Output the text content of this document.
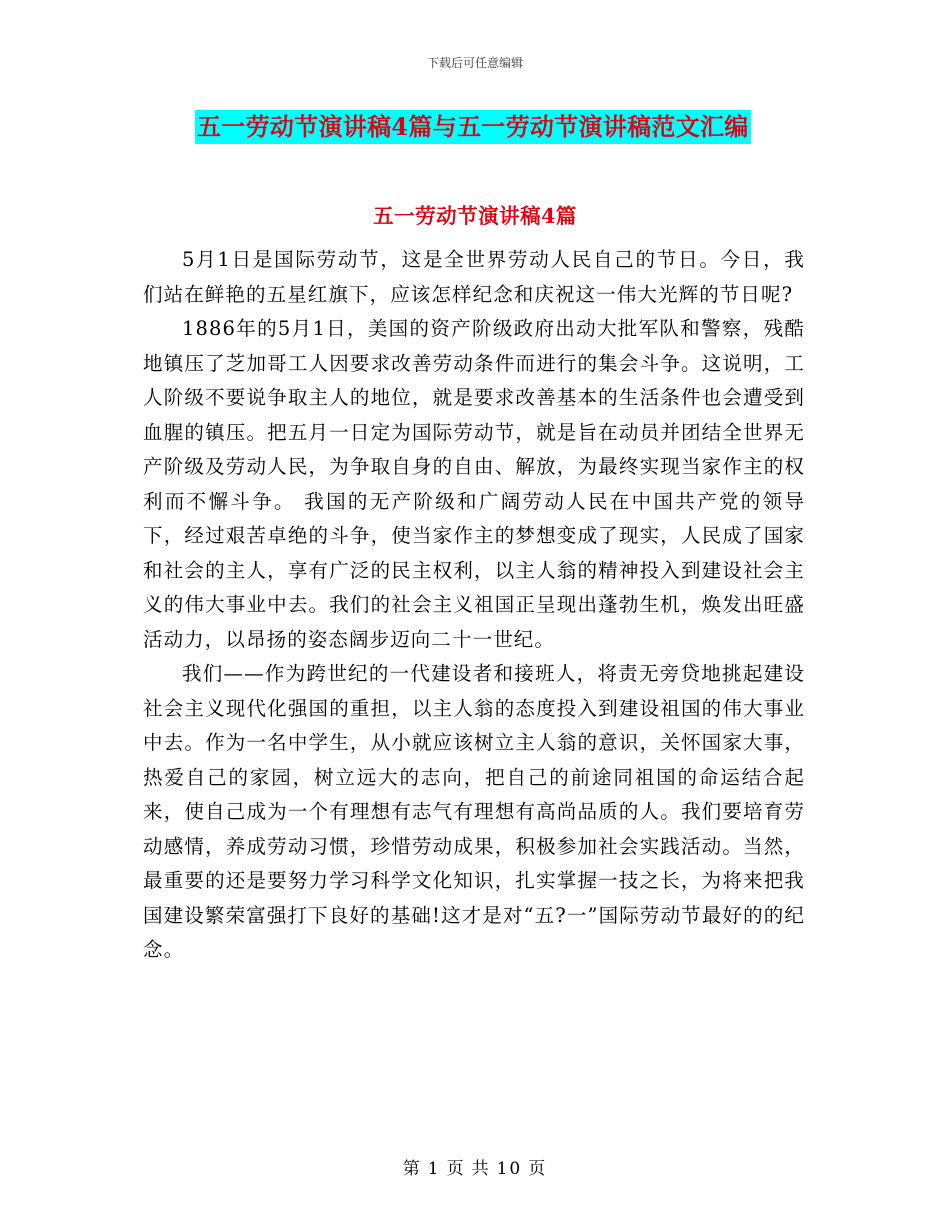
下载后可任意编辑
五一劳动节演讲稿4篇与五一劳动节演讲稿范文汇编
五一劳动节演讲稿4篇

5月1日是国际劳动节，这是全世界劳动人民自己的节日。今日，我们站在鲜艳的五星红旗下，应该怎样纪念和庆祝这一伟大光辉的节日呢?

1886年的5月1日，美国的资产阶级政府出动大批军队和警察，残酷地镇压了芝加哥工人因要求改善劳动条件而进行的集会斗争。这说明，工人阶级不要说争取主人的地位，就是要求改善基本的生活条件也会遭受到血腥的镇压。把五月一日定为国际劳动节，就是旨在动员并团结全世界无产阶级及劳动人民，为争取自身的自由、解放，为最终实现当家作主的权利而不懈斗争。 我国的无产阶级和广阔劳动人民在中国共产党的领导下，经过艰苦卓绝的斗争，使当家作主的梦想变成了现实，人民成了国家和社会的主人，享有广泛的民主权利，以主人翁的精神投入到建设社会主义的伟大事业中去。我们的社会主义祖国正呈现出蓬勃生机，焕发出旺盛活动力，以昂扬的姿态阔步迈向二十一世纪。

我们——作为跨世纪的一代建设者和接班人，将责无旁贷地挑起建设社会主义现代化强国的重担，以主人翁的态度投入到建设祖国的伟大事业中去。作为一名中学生，从小就应该树立主人翁的意识，关怀国家大事，热爱自己的家园，树立远大的志向，把自己的前途同祖国的命运结合起来，使自己成为一个有理想有志气有理想有高尚品质的人。我们要培育劳动感情，养成劳动习惯，珍惜劳动成果，积极参加社会实践活动。当然，最重要的还是要努力学习科学文化知识，扎实掌握一技之长，为将来把我国建设繁荣富强打下良好的基础!这才是对“五?一”国际劳动节最好的的纪念。

第 1 页 共 10 页
